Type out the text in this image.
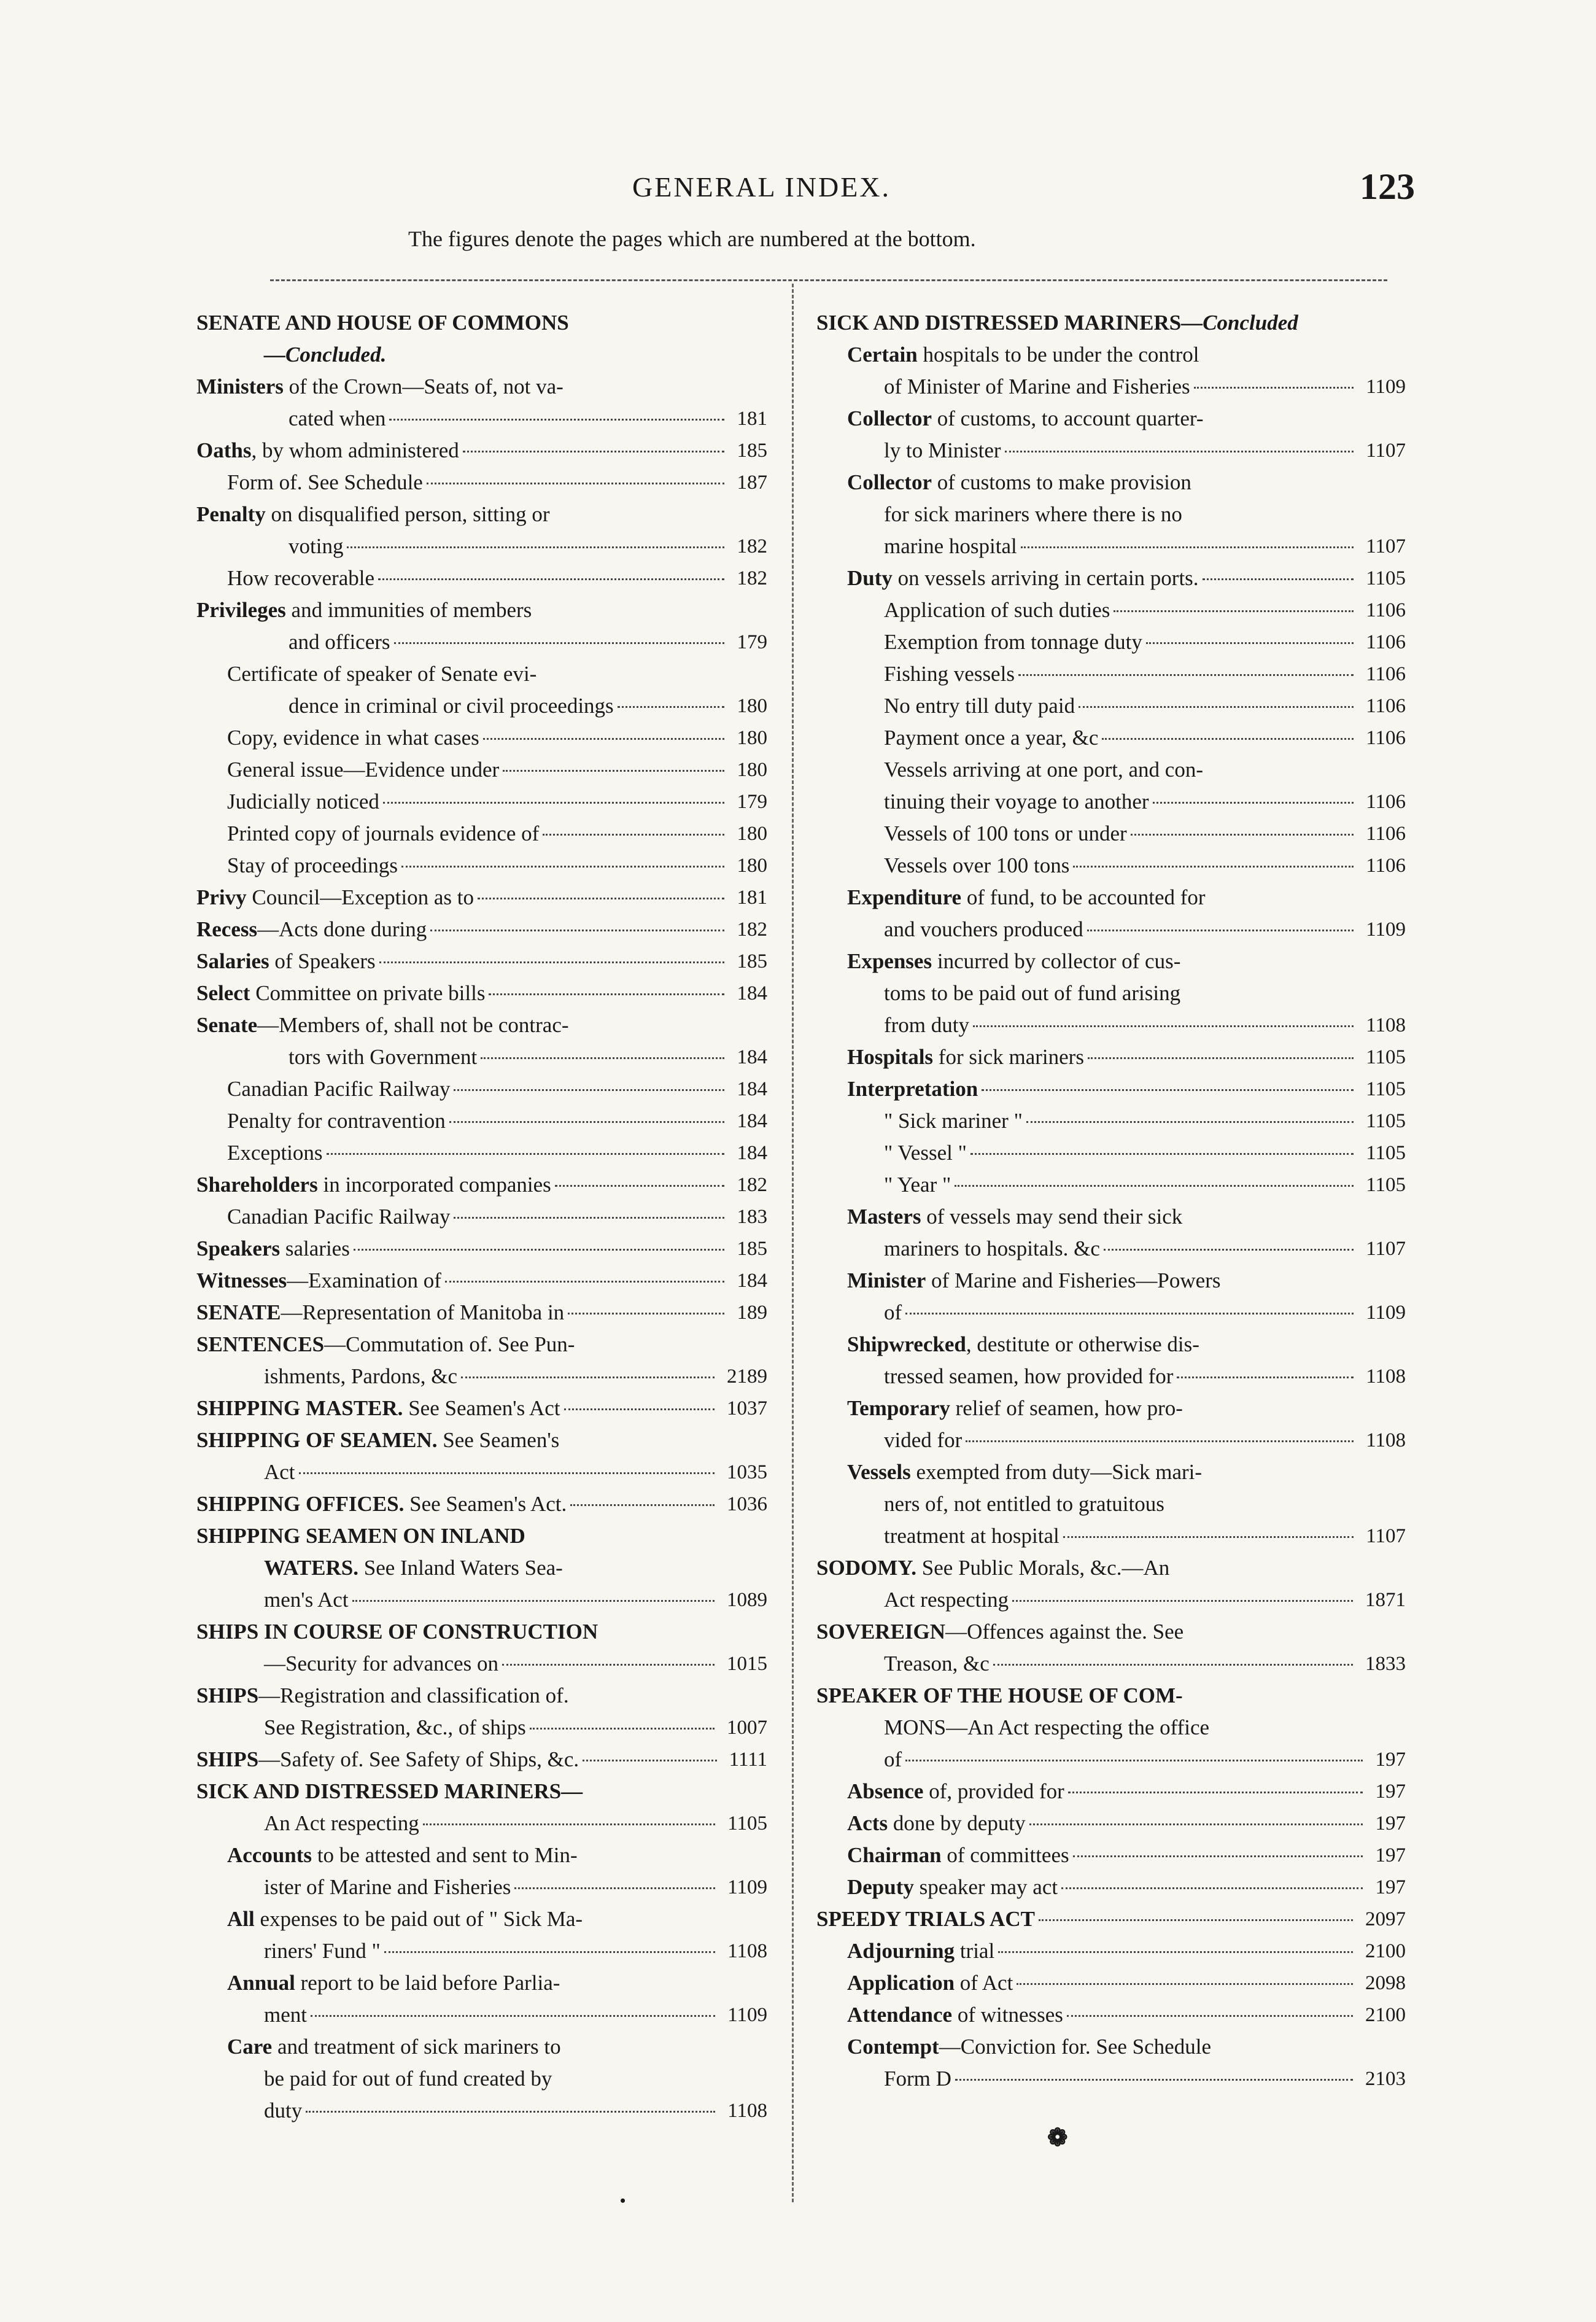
GENERAL INDEX.	123
The figures denote the pages which are numbered at the bottom.
SENATE AND HOUSE OF COMMONS
—Concluded.
Ministers of the Crown—Seats of, not va-
cated when	181
Oaths, by whom administered	185
Form of. See Schedule	187
Penalty on disqualified person, sitting or
voting	182
How recoverable	182
Privileges and immunities of members
and officers	179
Certificate of speaker of Senate evi-
dence in criminal or civil proceedings	180
Copy, evidence in what cases	180
General issue—Evidence under	180
Judicially noticed	179
Printed copy of journals evidence of	180
Stay of proceedings	180
Privy Council—Exception as to	181
Recess—Acts done during	182
Salaries of Speakers	185
Select Committee on private bills	184
Senate—Members of, shall not be contrac-
tors with Government	184
Canadian Pacific Railway	184
Penalty for contravention	184
Exceptions	184
Shareholders in incorporated companies	182
Canadian Pacific Railway	183
Speakers salaries	185
Witnesses—Examination of	184
SENATE—Representation of Manitoba in	189
SENTENCES—Commutation of. See Pun-
ishments, Pardons, &c	2189
SHIPPING MASTER. See Seamen's Act	1037
SHIPPING OF SEAMEN. See Seamen's
Act	1035
SHIPPING OFFICES. See Seamen's Act.	1036
SHIPPING SEAMEN ON INLAND
WATERS. See Inland Waters Sea-
men's Act	1089
SHIPS IN COURSE OF CONSTRUCTION
—Security for advances on	1015
SHIPS—Registration and classification of.
See Registration, &c., of ships	1007
SHIPS—Safety of. See Safety of Ships, &c.	1111
SICK AND DISTRESSED MARINERS—
An Act respecting	1105
Accounts to be attested and sent to Min-
ister of Marine and Fisheries	1109
All expenses to be paid out of " Sick Ma-
riners' Fund "	1108
Annual report to be laid before Parlia-
ment	1109
Care and treatment of sick mariners to
be paid for out of fund created by
duty	1108
SICK AND DISTRESSED MARINERS—Concluded
Certain hospitals to be under the control
of Minister of Marine and Fisheries	1109
Collector of customs, to account quarter-
ly to Minister	1107
Collector of customs to make provision
for sick mariners where there is no
marine hospital	1107
Duty on vessels arriving in certain ports.	1105
Application of such duties	1106
Exemption from tonnage duty	1106
Fishing vessels	1106
No entry till duty paid	1106
Payment once a year, &c	1106
Vessels arriving at one port, and con-
tinuing their voyage to another	1106
Vessels of 100 tons or under	1106
Vessels over 100 tons	1106
Expenditure of fund, to be accounted for
and vouchers produced	1109
Expenses incurred by collector of cus-
toms to be paid out of fund arising
from duty	1108
Hospitals for sick mariners	1105
Interpretation	1105
" Sick mariner "	1105
" Vessel "	1105
" Year "	1105
Masters of vessels may send their sick
mariners to hospitals. &c	1107
Minister of Marine and Fisheries—Powers
of	1109
Shipwrecked, destitute or otherwise dis-
tressed seamen, how provided for	1108
Temporary relief of seamen, how pro-
vided for	1108
Vessels exempted from duty—Sick mari-
ners of, not entitled to gratuitous
treatment at hospital	1107
SODOMY. See Public Morals, &c.—An
Act respecting	1871
SOVEREIGN—Offences against the. See
Treason, &c	1833
SPEAKER OF THE HOUSE OF COM-
MONS—An Act respecting the office
of	197
Absence of, provided for	197
Acts done by deputy	197
Chairman of committees	197
Deputy speaker may act	197
SPEEDY TRIALS ACT	2097
Adjourning trial	2100
Application of Act	2098
Attendance of witnesses	2100
Contempt—Conviction for. See Schedule
Form D	2103
❁
•
